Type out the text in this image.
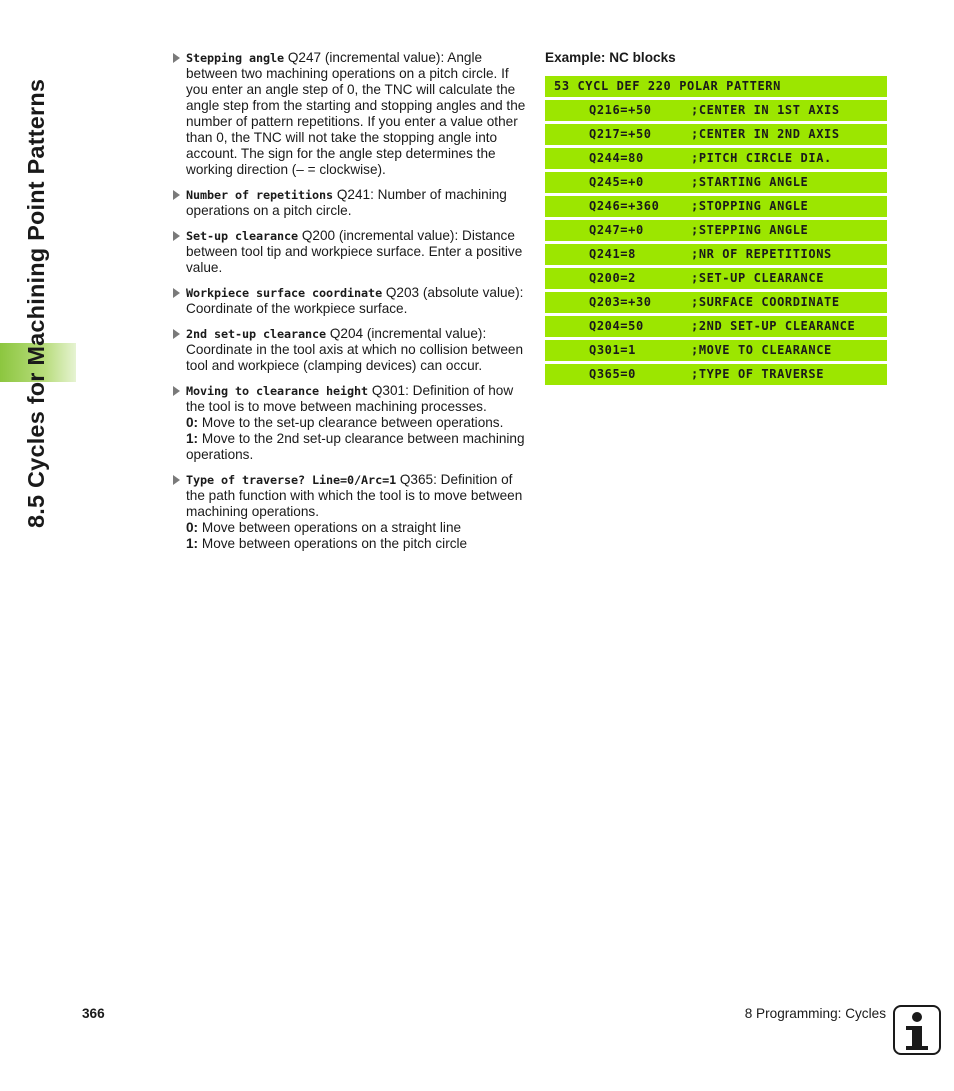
8.5 Cycles for Machining Point Patterns
Stepping angle Q247 (incremental value): Angle between two machining operations on a pitch circle. If you enter an angle step of 0, the TNC will calculate the angle step from the starting and stopping angles and the number of pattern repetitions. If you enter a value other than 0, the TNC will not take the stopping angle into account. The sign for the angle step determines the working direction (– = clockwise).
Number of repetitions Q241: Number of machining operations on a pitch circle.
Set-up clearance Q200 (incremental value): Distance between tool tip and workpiece surface. Enter a positive value.
Workpiece surface coordinate Q203 (absolute value): Coordinate of the workpiece surface.
2nd set-up clearance Q204 (incremental value): Coordinate in the tool axis at which no collision between tool and workpiece (clamping devices) can occur.
Moving to clearance height Q301: Definition of how the tool is to move between machining processes.
0: Move to the set-up clearance between operations.
1: Move to the 2nd set-up clearance between machining operations.
Type of traverse? Line=0/Arc=1 Q365: Definition of the path function with which the tool is to move between machining operations.
0: Move between operations on a straight line
1: Move between operations on the pitch circle
Example: NC blocks
53 CYCL DEF 220 POLAR PATTERN
Q216=+50	;CENTER IN 1ST AXIS
Q217=+50	;CENTER IN 2ND AXIS
Q244=80	;PITCH CIRCLE DIA.
Q245=+0	;STARTING ANGLE
Q246=+360	;STOPPING ANGLE
Q247=+0	;STEPPING ANGLE
Q241=8	;NR OF REPETITIONS
Q200=2	;SET-UP CLEARANCE
Q203=+30	;SURFACE COORDINATE
Q204=50	;2ND SET-UP CLEARANCE
Q301=1	;MOVE TO CLEARANCE
Q365=0	;TYPE OF TRAVERSE
366	8 Programming: Cycles
